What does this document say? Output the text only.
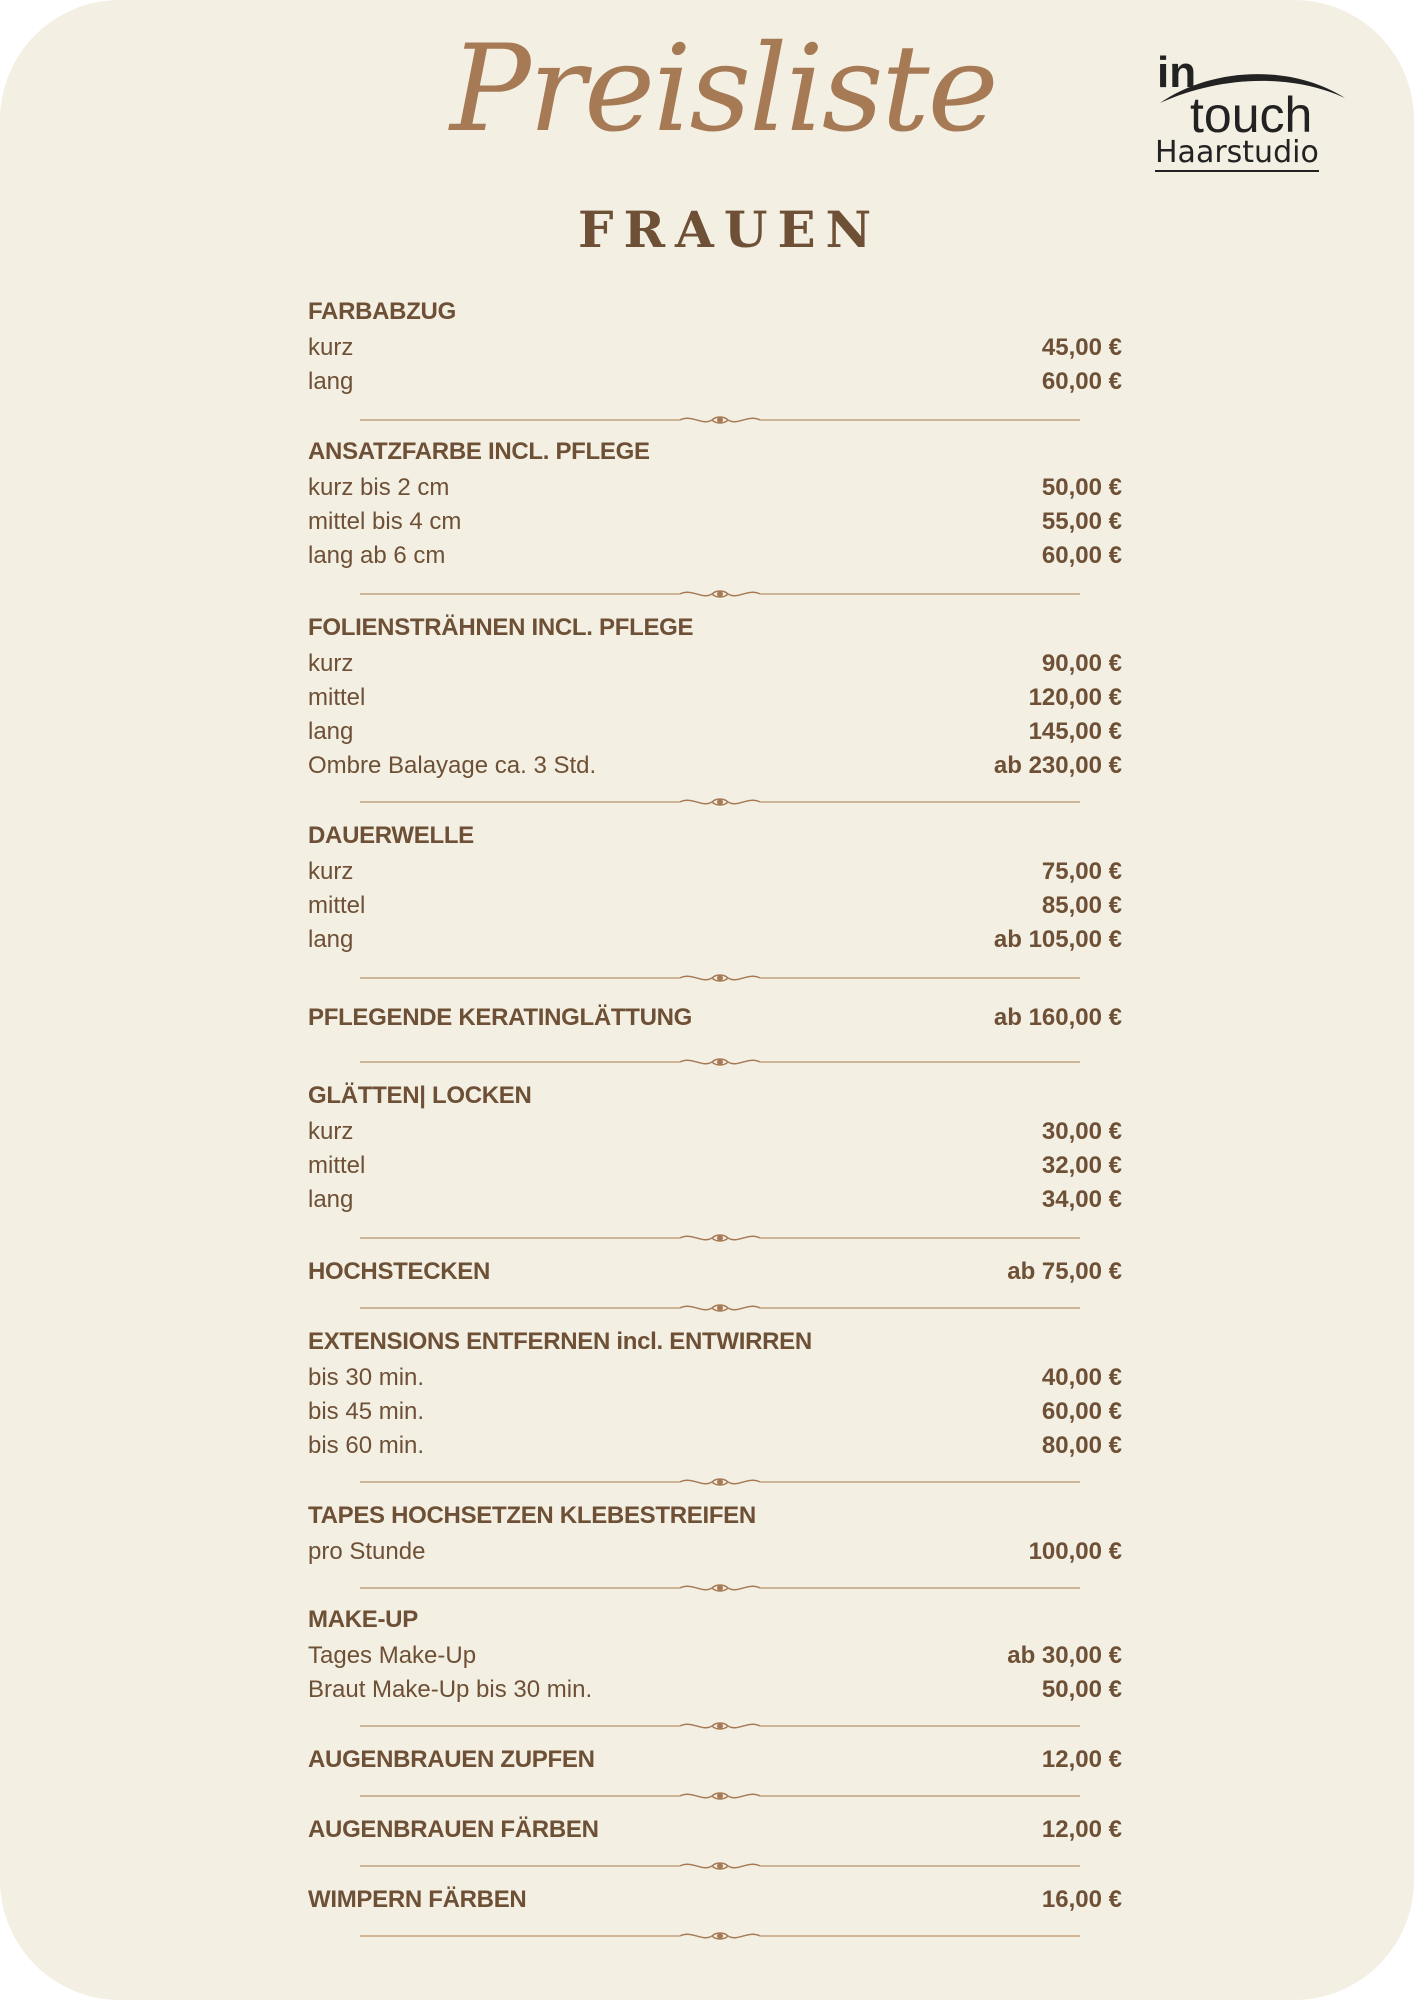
Preisliste
FRAUEN
in
touch
Haarstudio
FARBABZUG
kurz	45,00 €
lang	60,00 €
ANSATZFARBE INCL. PFLEGE
kurz bis 2 cm	50,00 €
mittel bis 4 cm	55,00 €
lang ab 6 cm	60,00 €
FOLIENSTRÄHNEN INCL. PFLEGE
kurz	90,00 €
mittel	120,00 €
lang	145,00 €
Ombre Balayage ca. 3 Std.	ab 230,00 €
DAUERWELLE
kurz	75,00 €
mittel	85,00 €
lang	ab 105,00 €
PFLEGENDE KERATINGLÄTTUNG	ab 160,00 €
GLÄTTEN| LOCKEN
kurz	30,00 €
mittel	32,00 €
lang	34,00 €
HOCHSTECKEN	ab 75,00 €
EXTENSIONS ENTFERNEN incl. ENTWIRREN
bis 30 min.	40,00 €
bis 45 min.	60,00 €
bis 60 min.	80,00 €
TAPES HOCHSETZEN KLEBESTREIFEN
pro Stunde	100,00 €
MAKE-UP
Tages Make-Up	ab 30,00 €
Braut Make-Up bis 30 min.	50,00 €
AUGENBRAUEN ZUPFEN	12,00 €
AUGENBRAUEN FÄRBEN	12,00 €
WIMPERN FÄRBEN	16,00 €
